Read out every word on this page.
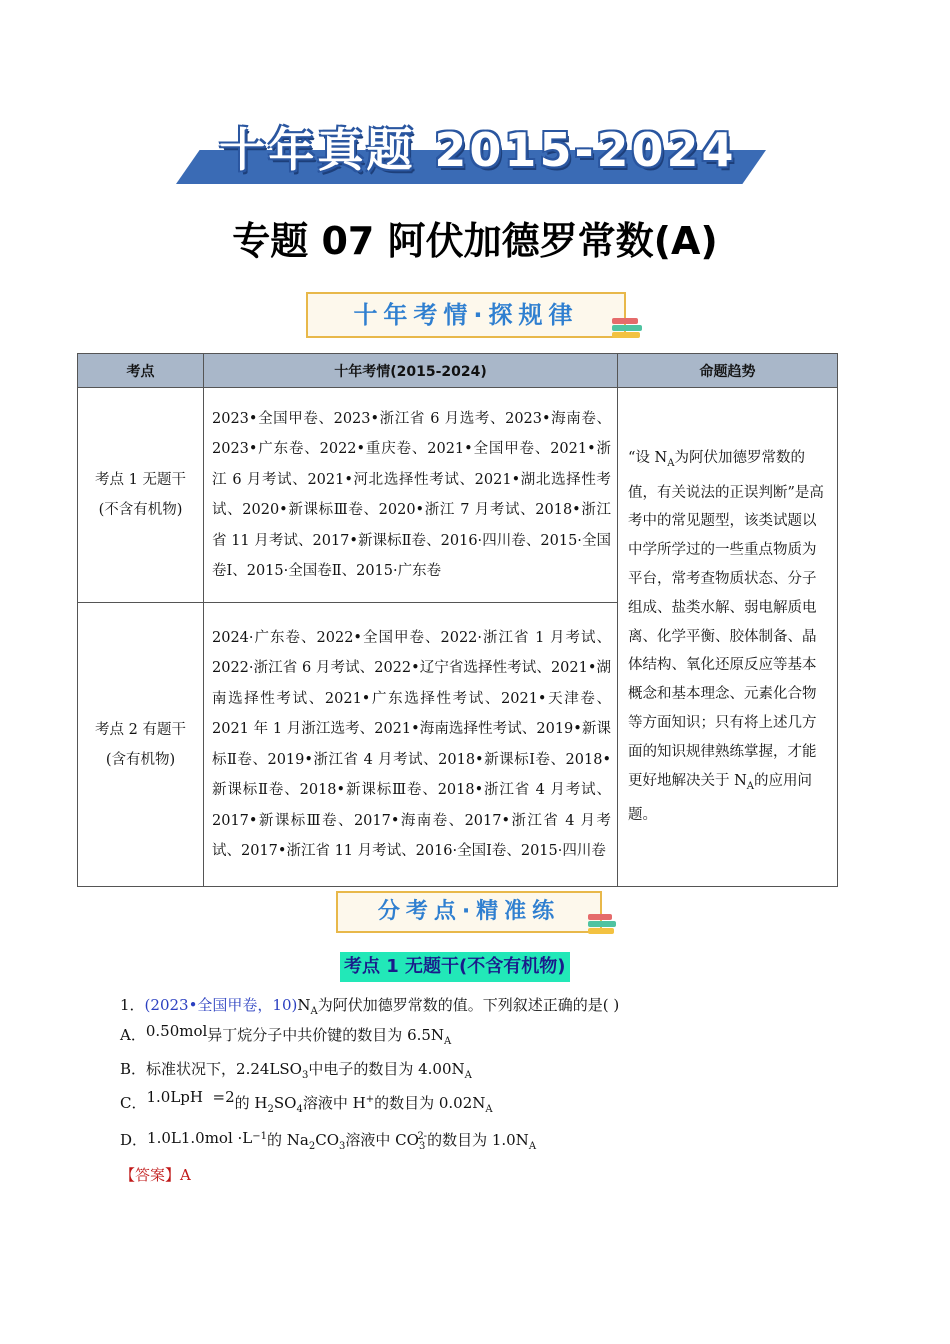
十年真题 2015-2024
专题 07 阿伏加德罗常数(A)
十年考情·探规律
考点	十年考情(2015-2024)	命题趋势

考点 1 无题干(不含有机物)	2023•全国甲卷、2023•浙江省 6 月选考、2023•海南卷、2023•广东卷、2022•重庆卷、2021•全国甲卷、2021•浙江 6 月考试、2021•河北选择性考试、2021•湖北选择性考试、2020•新课标Ⅲ卷、2020•浙江 7 月考试、2018•浙江省 11 月考试、2017•新课标Ⅱ卷、2016·四川卷、2015·全国卷Ⅰ、2015·全国卷Ⅱ、2015·广东卷	“设 $N_A$为阿伏加德罗常数的值，有关说法的正误判断”是高考中的常见题型，该类试题以中学所学过的一些重点物质为平台，常考查物质状态、分子组成、盐类水解、弱电解质电离、化学平衡、胶体制备、晶体结构、氧化还原反应等基本概念和基本理念、元素化合物等方面知识；只有将上述几方面的知识规律熟练掌握，才能更好地解决关于 $N_A$的应用问题。

考点 2 有题干(含有机物)	2024·广东卷、2022•全国甲卷、2022·浙江省 1 月考试、2022·浙江省 6 月考试、2022•辽宁省选择性考试、2021•湖南选择性考试、2021•广东选择性考试、2021•天津卷、2021 年 1 月浙江选考、2021•海南选择性考试、2019•新课标Ⅱ卷、2019•浙江省 4 月考试、2018•新课标Ⅰ卷、2018•新课标Ⅱ卷、2018•新课标Ⅲ卷、2018•浙江省 4 月考试、2017•新课标Ⅲ卷、2017•海南卷、2017•浙江省 4 月考试、2017•浙江省 11 月考试、2016·全国Ⅰ卷、2015·四川卷	
分考点·精准练
考点 1 无题干(不含有机物)
1．(2023•全国甲卷，$10)N_A$为阿伏加德罗常数的值。下列叙述正确的是( )
A．0.50mol异丁烷分子中共价键的数目为 $6.5N_A$
B．标准状况下，$2.24LSO_3$中电子的数目为 $4.00N_A$
C．1.0LpH  =2的 $H_2SO_4$溶液中 H+的数目为 $0.02N_A$
D．$1.0L1.0mol \cdot L^{-1}$的 $Na_2CO_3$溶液中 $CO_3^{2-}$的数目为 $1.0N_A$
【答案】A
